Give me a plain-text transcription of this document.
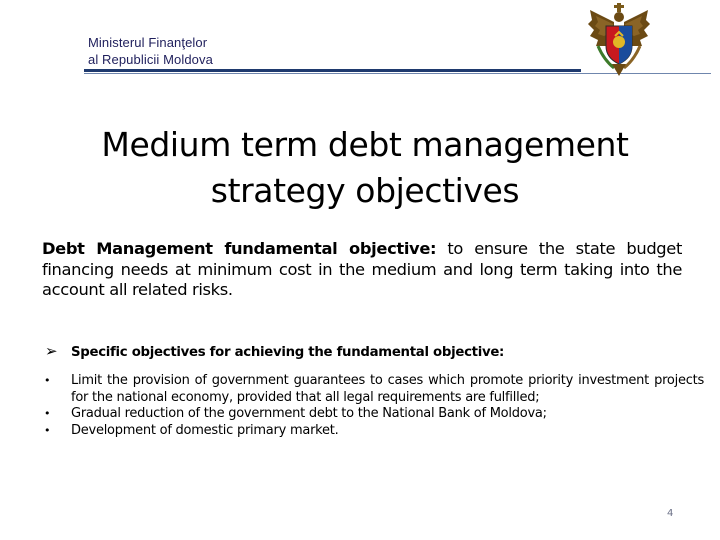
Ministerul Finanţelor
al Republicii Moldova
Medium term debt management
strategy objectives

Debt Management fundamental objective: to ensure the state budget financing needs at minimum cost in the medium and long term taking into the account all related risks.

➢ Specific objectives for achieving the fundamental objective:
•	Limit the provision of government guarantees to cases which promote priority investment projects for the national economy, provided that all legal requirements are fulfilled;
•	Gradual reduction of the government debt to the National Bank of Moldova;
•	Development of domestic primary market.
4
